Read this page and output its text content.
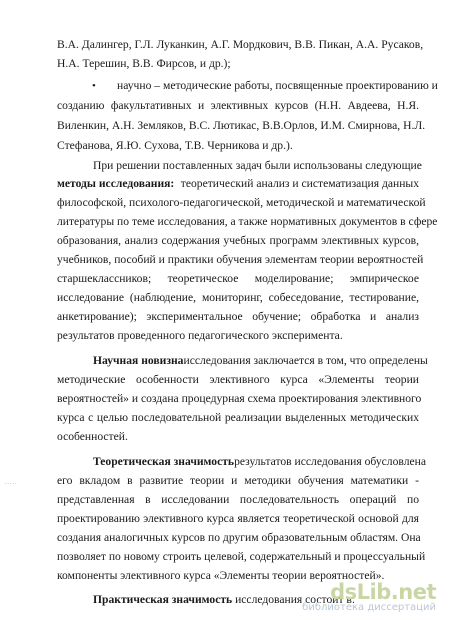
В.А. Далингер, Г.Л. Луканкин, А.Г. Мордкович, В.В. Пикан, А.А. Русаков,
Н.А. Терешин, В.В. Фирсов, и др.);
• научно – методические работы, посвященные проектированию и
созданию факультативных и элективных курсов (Н.Н. Авдеева, Н.Я.
Виленкин, А.Н. Земляков, В.С. Лютикас, В.В.Орлов, И.М. Смирнова, Н.Л.
Стефанова, Я.Ю. Сухова, Т.В. Черникова и др.).
При решении поставленных задач были использованы следующие
методы исследования: теоретический анализ и систематизация данных
философской, психолого-педагогической, методической и математической
литературы по теме исследования, а также нормативных документов в сфере
образования, анализ содержания учебных программ элективных курсов,
учебников, пособий и практики обучения элементам теории вероятностей
старшеклассников; теоретическое моделирование; эмпирическое
исследование (наблюдение, мониторинг, собеседование, тестирование,
анкетирование); экспериментальное обучение; обработка и анализ
результатов проведенного педагогического эксперимента.
Научная новизна исследования заключается в том, что определены
методические особенности элективного курса «Элементы теории
вероятностей» и создана процедурная схема проектирования элективного
курса с целью последовательной реализации выделенных методических
особенностей.
Теоретическая значимость результатов исследования обусловлена
его вкладом в развитие теории и методики обучения математики -
представленная в исследовании последовательность операций по
проектированию элективного курса является теоретической основой для
создания аналогичных курсов по другим образовательным областям. Она
позволяет по новому строить целевой, содержательный и процессуальный
компоненты элективного курса «Элементы теории вероятностей».
Практическая значимость исследования состоит в:
. . . . .
dsLib.net
библиотека диссертаций
